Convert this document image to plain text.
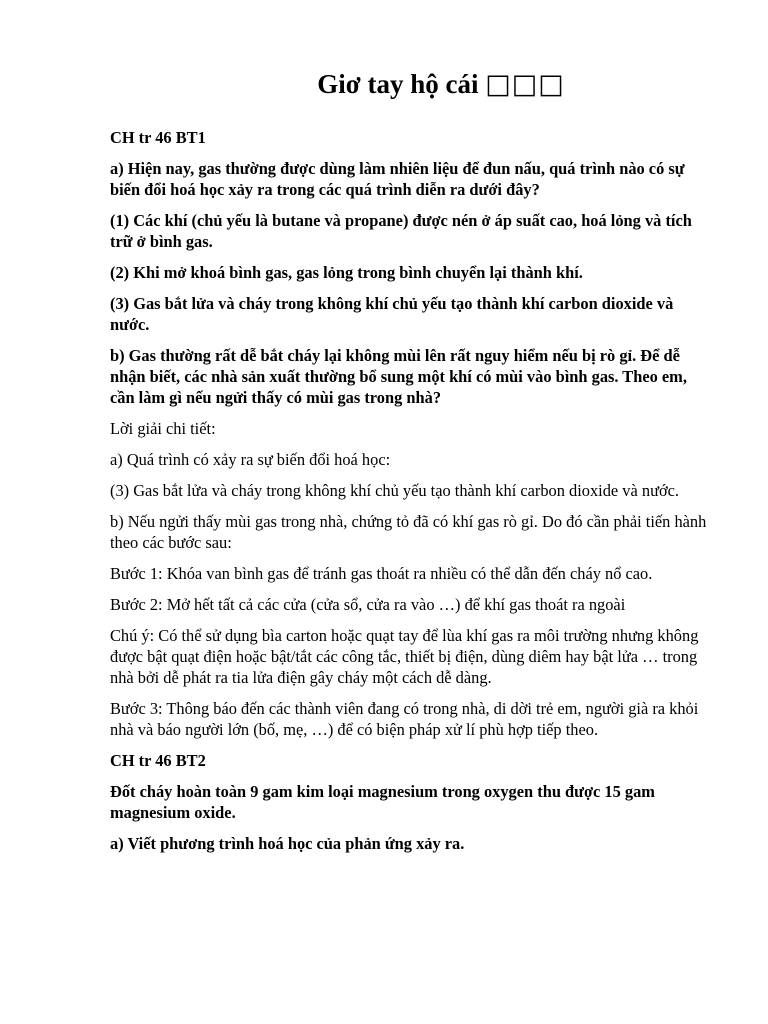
Giơ tay hộ cái □□□

CH tr 46 BT1

a) Hiện nay, gas thường được dùng làm nhiên liệu để đun nấu, quá trình nào có sự biến đổi hoá học xảy ra trong các quá trình diễn ra dưới đây?

(1) Các khí (chủ yếu là butane và propane) được nén ở áp suất cao, hoá lỏng và tích trữ ở bình gas.

(2) Khi mở khoá bình gas, gas lỏng trong bình chuyển lại thành khí.

(3) Gas bắt lửa và cháy trong không khí chủ yếu tạo thành khí carbon dioxide và nước.

b) Gas thường rất dễ bắt cháy lại không mùi lên rất nguy hiểm nếu bị rò gỉ. Để dễ nhận biết, các nhà sản xuất thường bổ sung một khí có mùi vào bình gas. Theo em, cần làm gì nếu ngửi thấy có mùi gas trong nhà?

Lời giải chi tiết:

a) Quá trình có xảy ra sự biến đổi hoá học:

(3) Gas bắt lửa và cháy trong không khí chủ yếu tạo thành khí carbon dioxide và nước.

b) Nếu ngửi thấy mùi gas trong nhà, chứng tỏ đã có khí gas rò gỉ. Do đó cần phải tiến hành theo các bước sau:

Bước 1: Khóa van bình gas để tránh gas thoát ra nhiều có thể dẫn đến cháy nổ cao.

Bước 2: Mở hết tất cả các cửa (cửa sổ, cửa ra vào …) để khí gas thoát ra ngoài

Chú ý: Có thể sử dụng bìa carton hoặc quạt tay để lùa khí gas ra môi trường nhưng không được bật quạt điện hoặc bật/tắt các công tắc, thiết bị điện, dùng diêm hay bật lửa … trong nhà bởi dễ phát ra tia lửa điện gây cháy một cách dễ dàng.

Bước 3: Thông báo đến các thành viên đang có trong nhà, di dời trẻ em, người già ra khỏi nhà và báo người lớn (bố, mẹ, …) để có biện pháp xử lí phù hợp tiếp theo.

CH tr 46 BT2

Đốt cháy hoàn toàn 9 gam kim loại magnesium trong oxygen thu được 15 gam magnesium oxide.

a) Viết phương trình hoá học của phản ứng xảy ra.
